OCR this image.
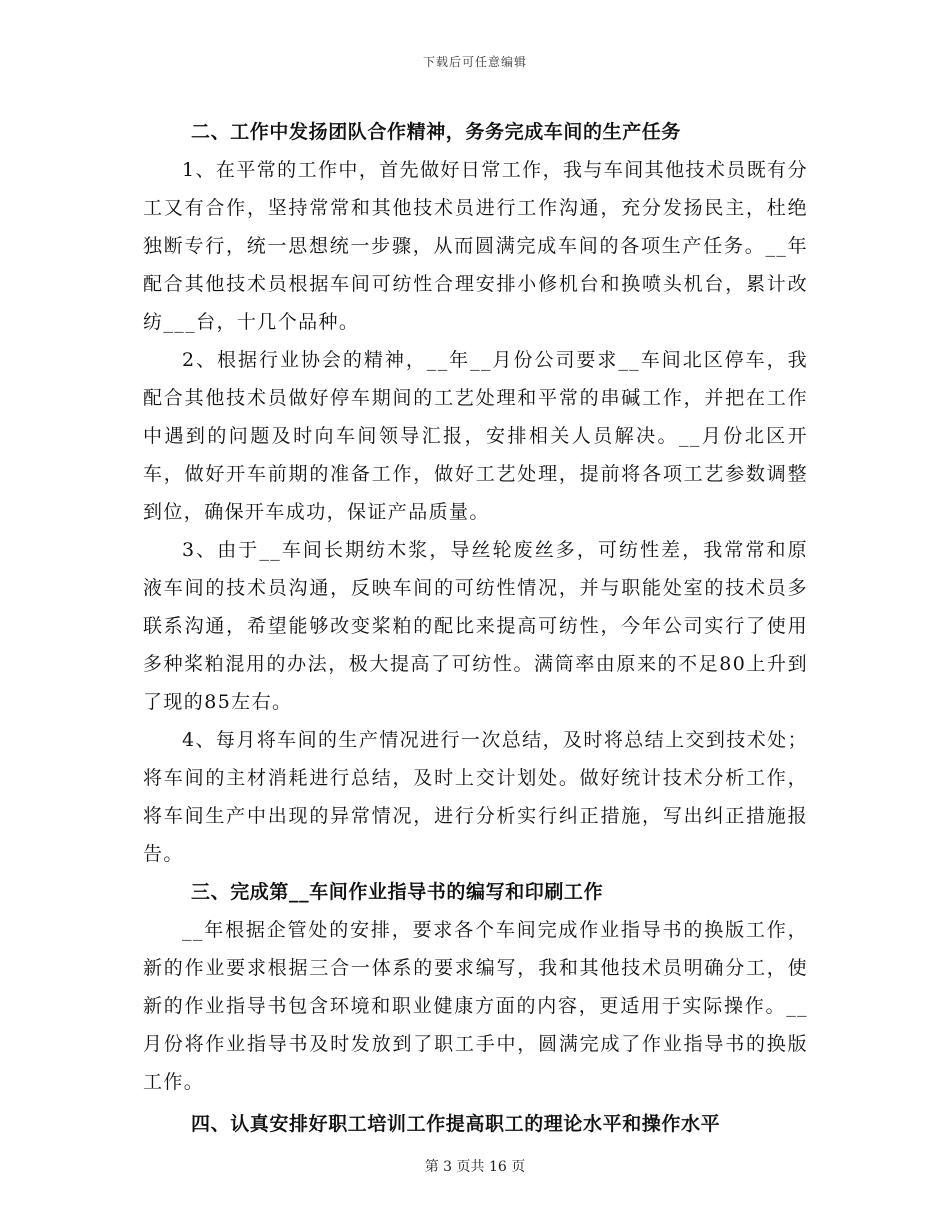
下载后可任意编辑

二、工作中发扬团队合作精神，务务完成车间的生产任务

1、在平常的工作中，首先做好日常工作，我与车间其他技术员既有分工又有合作，坚持常常和其他技术员进行工作沟通，充分发扬民主，杜绝独断专行，统一思想统一步骤，从而圆满完成车间的各项生产任务。__年配合其他技术员根据车间可纺性合理安排小修机台和换喷头机台，累计改纺___台，十几个品种。

2、根据行业协会的精神，__年__月份公司要求__车间北区停车，我配合其他技术员做好停车期间的工艺处理和平常的串碱工作，并把在工作中遇到的问题及时向车间领导汇报，安排相关人员解决。__月份北区开车，做好开车前期的准备工作，做好工艺处理，提前将各项工艺参数调整到位，确保开车成功，保证产品质量。

3、由于__车间长期纺木浆，导丝轮废丝多，可纺性差，我常常和原液车间的技术员沟通，反映车间的可纺性情况，并与职能处室的技术员多联系沟通，希望能够改变桨粕的配比来提高可纺性，今年公司实行了使用多种桨粕混用的办法，极大提高了可纺性。满筒率由原来的不足80上升到了现的85左右。

4、每月将车间的生产情况进行一次总结，及时将总结上交到技术处；将车间的主材消耗进行总结，及时上交计划处。做好统计技术分析工作，将车间生产中出现的异常情况，进行分析实行纠正措施，写出纠正措施报告。

三、完成第__车间作业指导书的编写和印刷工作

__年根据企管处的安排，要求各个车间完成作业指导书的换版工作，新的作业要求根据三合一体系的要求编写，我和其他技术员明确分工，使新的作业指导书包含环境和职业健康方面的内容，更适用于实际操作。__月份将作业指导书及时发放到了职工手中，圆满完成了作业指导书的换版工作。

四、认真安排好职工培训工作提高职工的理论水平和操作水平

第 3 页共 16 页
